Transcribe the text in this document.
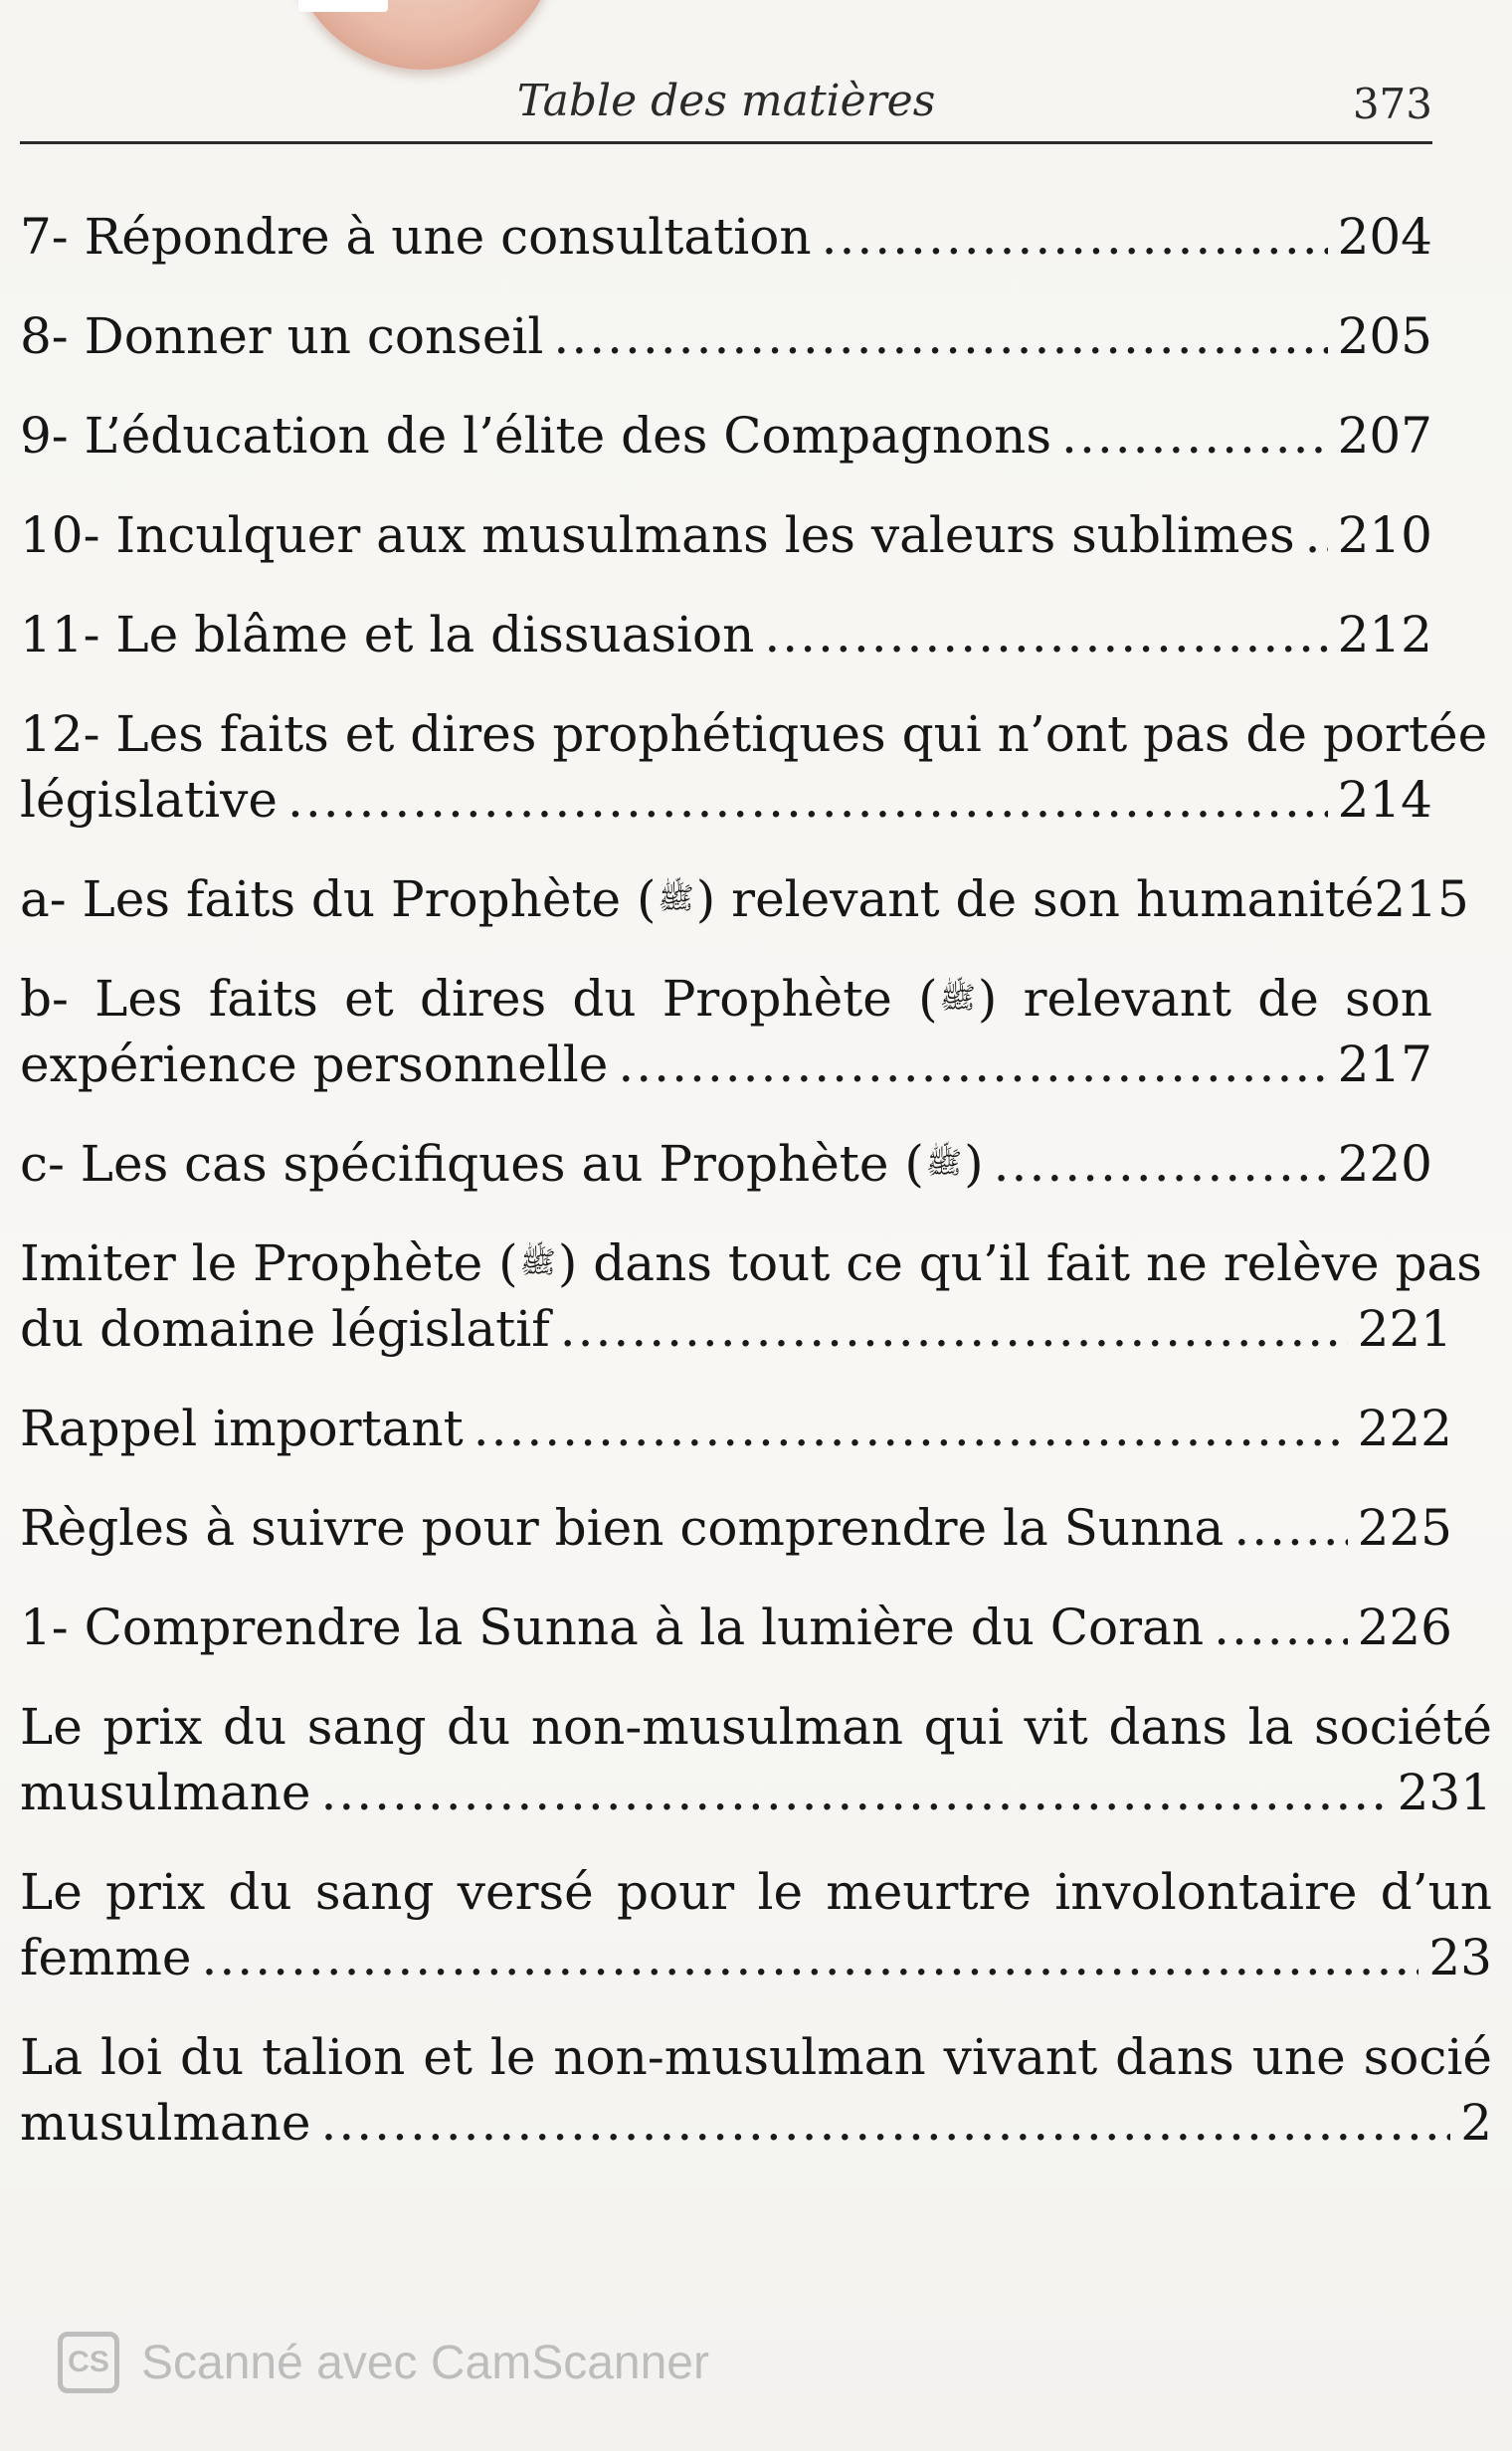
Table des matières	373
7- Répondre à une consultation .....	204
8- Donner un conseil .....	205
9- L’éducation de l’élite des Compagnons .....	207
10- Inculquer aux musulmans les valeurs sublimes ..... 210
11- Le blâme et la dissuasion .....	212
12- Les faits et dires prophétiques qui n’ont pas de portée
législative .....	214
a- Les faits du Prophète (ﷺ) relevant de son humanité 215
b- Les faits et dires du Prophète (ﷺ) relevant de son
expérience personnelle .....	217
c- Les cas spécifiques au Prophète (ﷺ) .....	220
Imiter le Prophète (ﷺ) dans tout ce qu’il fait ne relève pas
du domaine législatif .....	221
Rappel important .....	222
Règles à suivre pour bien comprendre la Sunna .....	225
1- Comprendre la Sunna à la lumière du Coran .....	226
Le prix du sang du non-musulman qui vit dans la société
musulmane .....	231
Le prix du sang versé pour le meurtre involontaire d’un
femme .....	23
La loi du talion et le non-musulman vivant dans une socié
musulmane .....	2
CS Scanné avec CamScanner
